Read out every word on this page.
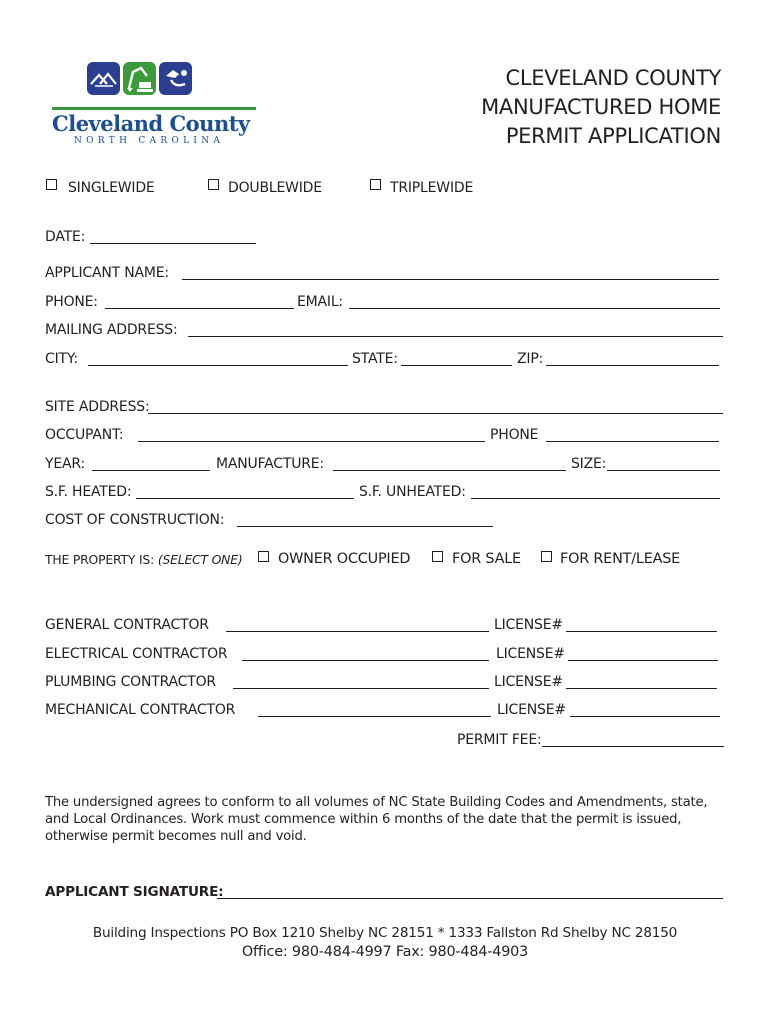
Cleveland County
NORTH CAROLINA
CLEVELAND COUNTY
MANUFACTURED HOME
PERMIT APPLICATION
SINGLEWIDE	DOUBLEWIDE	TRIPLEWIDE
DATE:
APPLICANT NAME:
PHONE:	EMAIL:
MAILING ADDRESS:
CITY:	STATE:	ZIP:
SITE ADDRESS:
OCCUPANT:	PHONE
YEAR:	MANUFACTURE:	SIZE:
S.F. HEATED:	S.F. UNHEATED:
COST OF CONSTRUCTION:
THE PROPERTY IS: (SELECT ONE) OWNER OCCUPIED	FOR SALE	FOR RENT/LEASE
GENERAL CONTRACTOR	LICENSE#
ELECTRICAL CONTRACTOR	LICENSE#
PLUMBING CONTRACTOR	LICENSE#
MECHANICAL CONTRACTOR	LICENSE#
PERMIT FEE:
The undersigned agrees to conform to all volumes of NC State Building Codes and Amendments, state, and Local Ordinances. Work must commence within 6 months of the date that the permit is issued, otherwise permit becomes null and void.
APPLICANT SIGNATURE:
Building Inspections PO Box 1210 Shelby NC 28151 * 1333 Fallston Rd Shelby NC 28150
Office: 980-484-4997 Fax: 980-484-4903
